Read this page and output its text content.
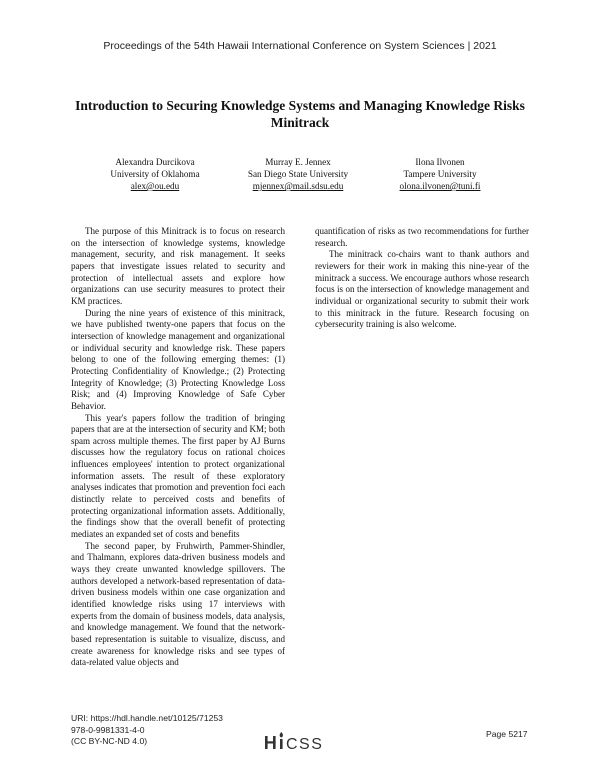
Proceedings of the 54th Hawaii International Conference on System Sciences | 2021
Introduction to Securing Knowledge Systems and Managing Knowledge Risks Minitrack
Alexandra Durcikova
University of Oklahoma
alex@ou.edu
Murray E. Jennex
San Diego State University
mjennex@mail.sdsu.edu
Ilona Ilvonen
Tampere University
olona.ilvonen@tuni.fi

The purpose of this Minitrack is to focus on research on the intersection of knowledge systems, knowledge management, security, and risk management. It seeks papers that investigate issues related to security and protection of intellectual assets and explore how organizations can use security measures to protect their KM practices.

During the nine years of existence of this minitrack, we have published twenty-one papers that focus on the intersection of knowledge management and organizational or individual security and knowledge risk. These papers belong to one of the following emerging themes: (1) Protecting Confidentiality of Knowledge.; (2) Protecting Integrity of Knowledge; (3) Protecting Knowledge Loss Risk; and (4) Improving Knowledge of Safe Cyber Behavior.

This year's papers follow the tradition of bringing papers that are at the intersection of security and KM; both spam across multiple themes. The first paper by AJ Burns discusses how the regulatory focus on rational choices influences employees' intention to protect organizational information assets. The result of these exploratory analyses indicates that promotion and prevention foci each distinctly relate to perceived costs and benefits of protecting organizational information assets. Additionally, the findings show that the overall benefit of protecting mediates an expanded set of costs and benefits

The second paper, by Fruhwirth, Pammer-Shindler, and Thalmann, explores data-driven business models and ways they create unwanted knowledge spillovers. The authors developed a network-based representation of data-driven business models within one case organization and identified knowledge risks using 17 interviews with experts from the domain of business models, data analysis, and knowledge management. We found that the network-based representation is suitable to visualize, discuss, and create awareness for knowledge risks and see types of data-related value objects and

quantification of risks as two recommendations for further research.

The minitrack co-chairs want to thank authors and reviewers for their work in making this nine-year of the minitrack a success. We encourage authors whose research focus is on the intersection of knowledge management and individual or organizational security to submit their work to this minitrack in the future. Research focusing on cybersecurity training is also welcome.

URI: https://hdl.handle.net/10125/71253
978-0-9981331-4-0
(CC BY-NC-ND 4.0)	CSS
Page 5217
